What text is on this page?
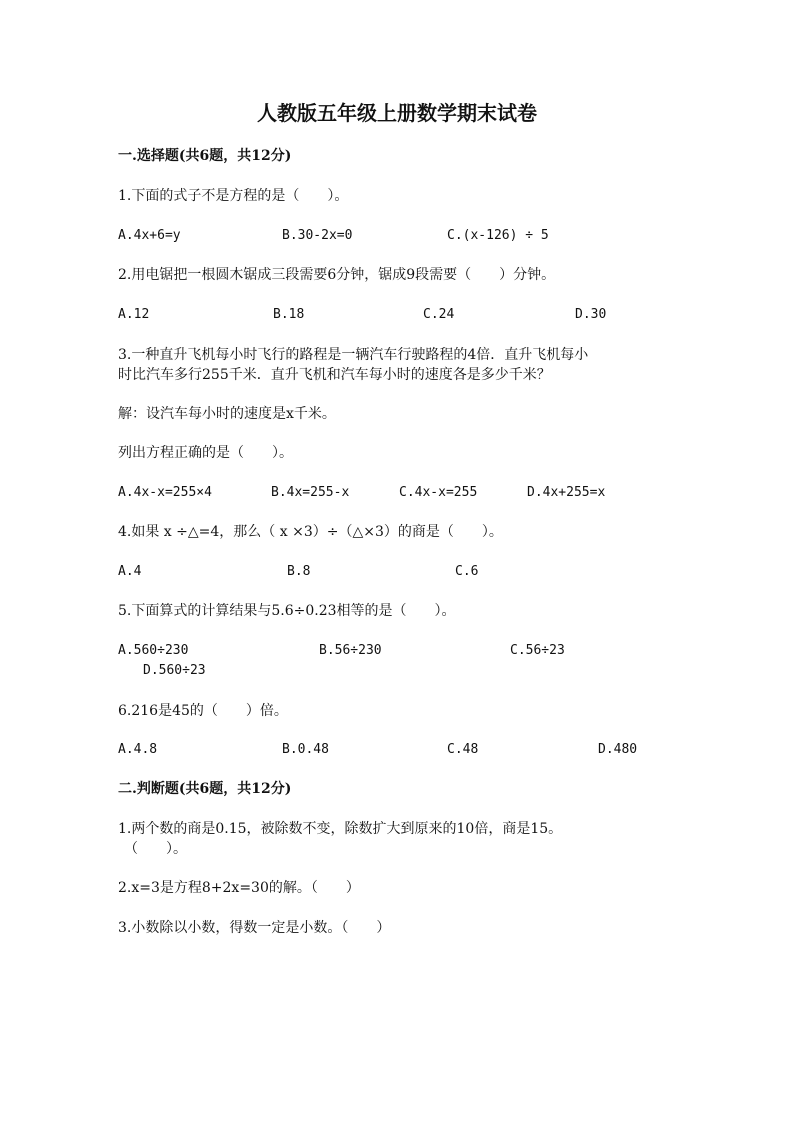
人教版五年级上册数学期末试卷
一.选择题(共6题，共12分)
1.下面的式子不是方程的是（　　）。
A.4x+6=y	B.30-2x=0	C.(x-126) ÷ 5
2.用电锯把一根圆木锯成三段需要6分钟，锯成9段需要（　　）分钟。
A.12	B.18	C.24	D.30
3.一种直升飞机每小时飞行的路程是一辆汽车行驶路程的4倍．直升飞机每小
时比汽车多行255千米．直升飞机和汽车每小时的速度各是多少千米？
解：设汽车每小时的速度是x千米。
列出方程正确的是（　　）。
A.4x-x=255×4	B.4x=255-x	C.4x-x=255	D.4x+255=x
4.如果 x ÷△=4，那么（ x ×3）÷（△×3）的商是（　　）。
A.4	B.8	C.6
5.下面算式的计算结果与5.6÷0.23相等的是（　　）。
A.560÷230	B.56÷230	C.56÷23
D.560÷23
6.216是45的（　　）倍。
A.4.8	B.0.48	C.48	D.480
二.判断题(共6题，共12分)
1.两个数的商是0.15，被除数不变，除数扩大到原来的10倍，商是15。
（　　）。
2.x=3是方程8+2x=30的解。（　　）
3.小数除以小数，得数一定是小数。（　　）
